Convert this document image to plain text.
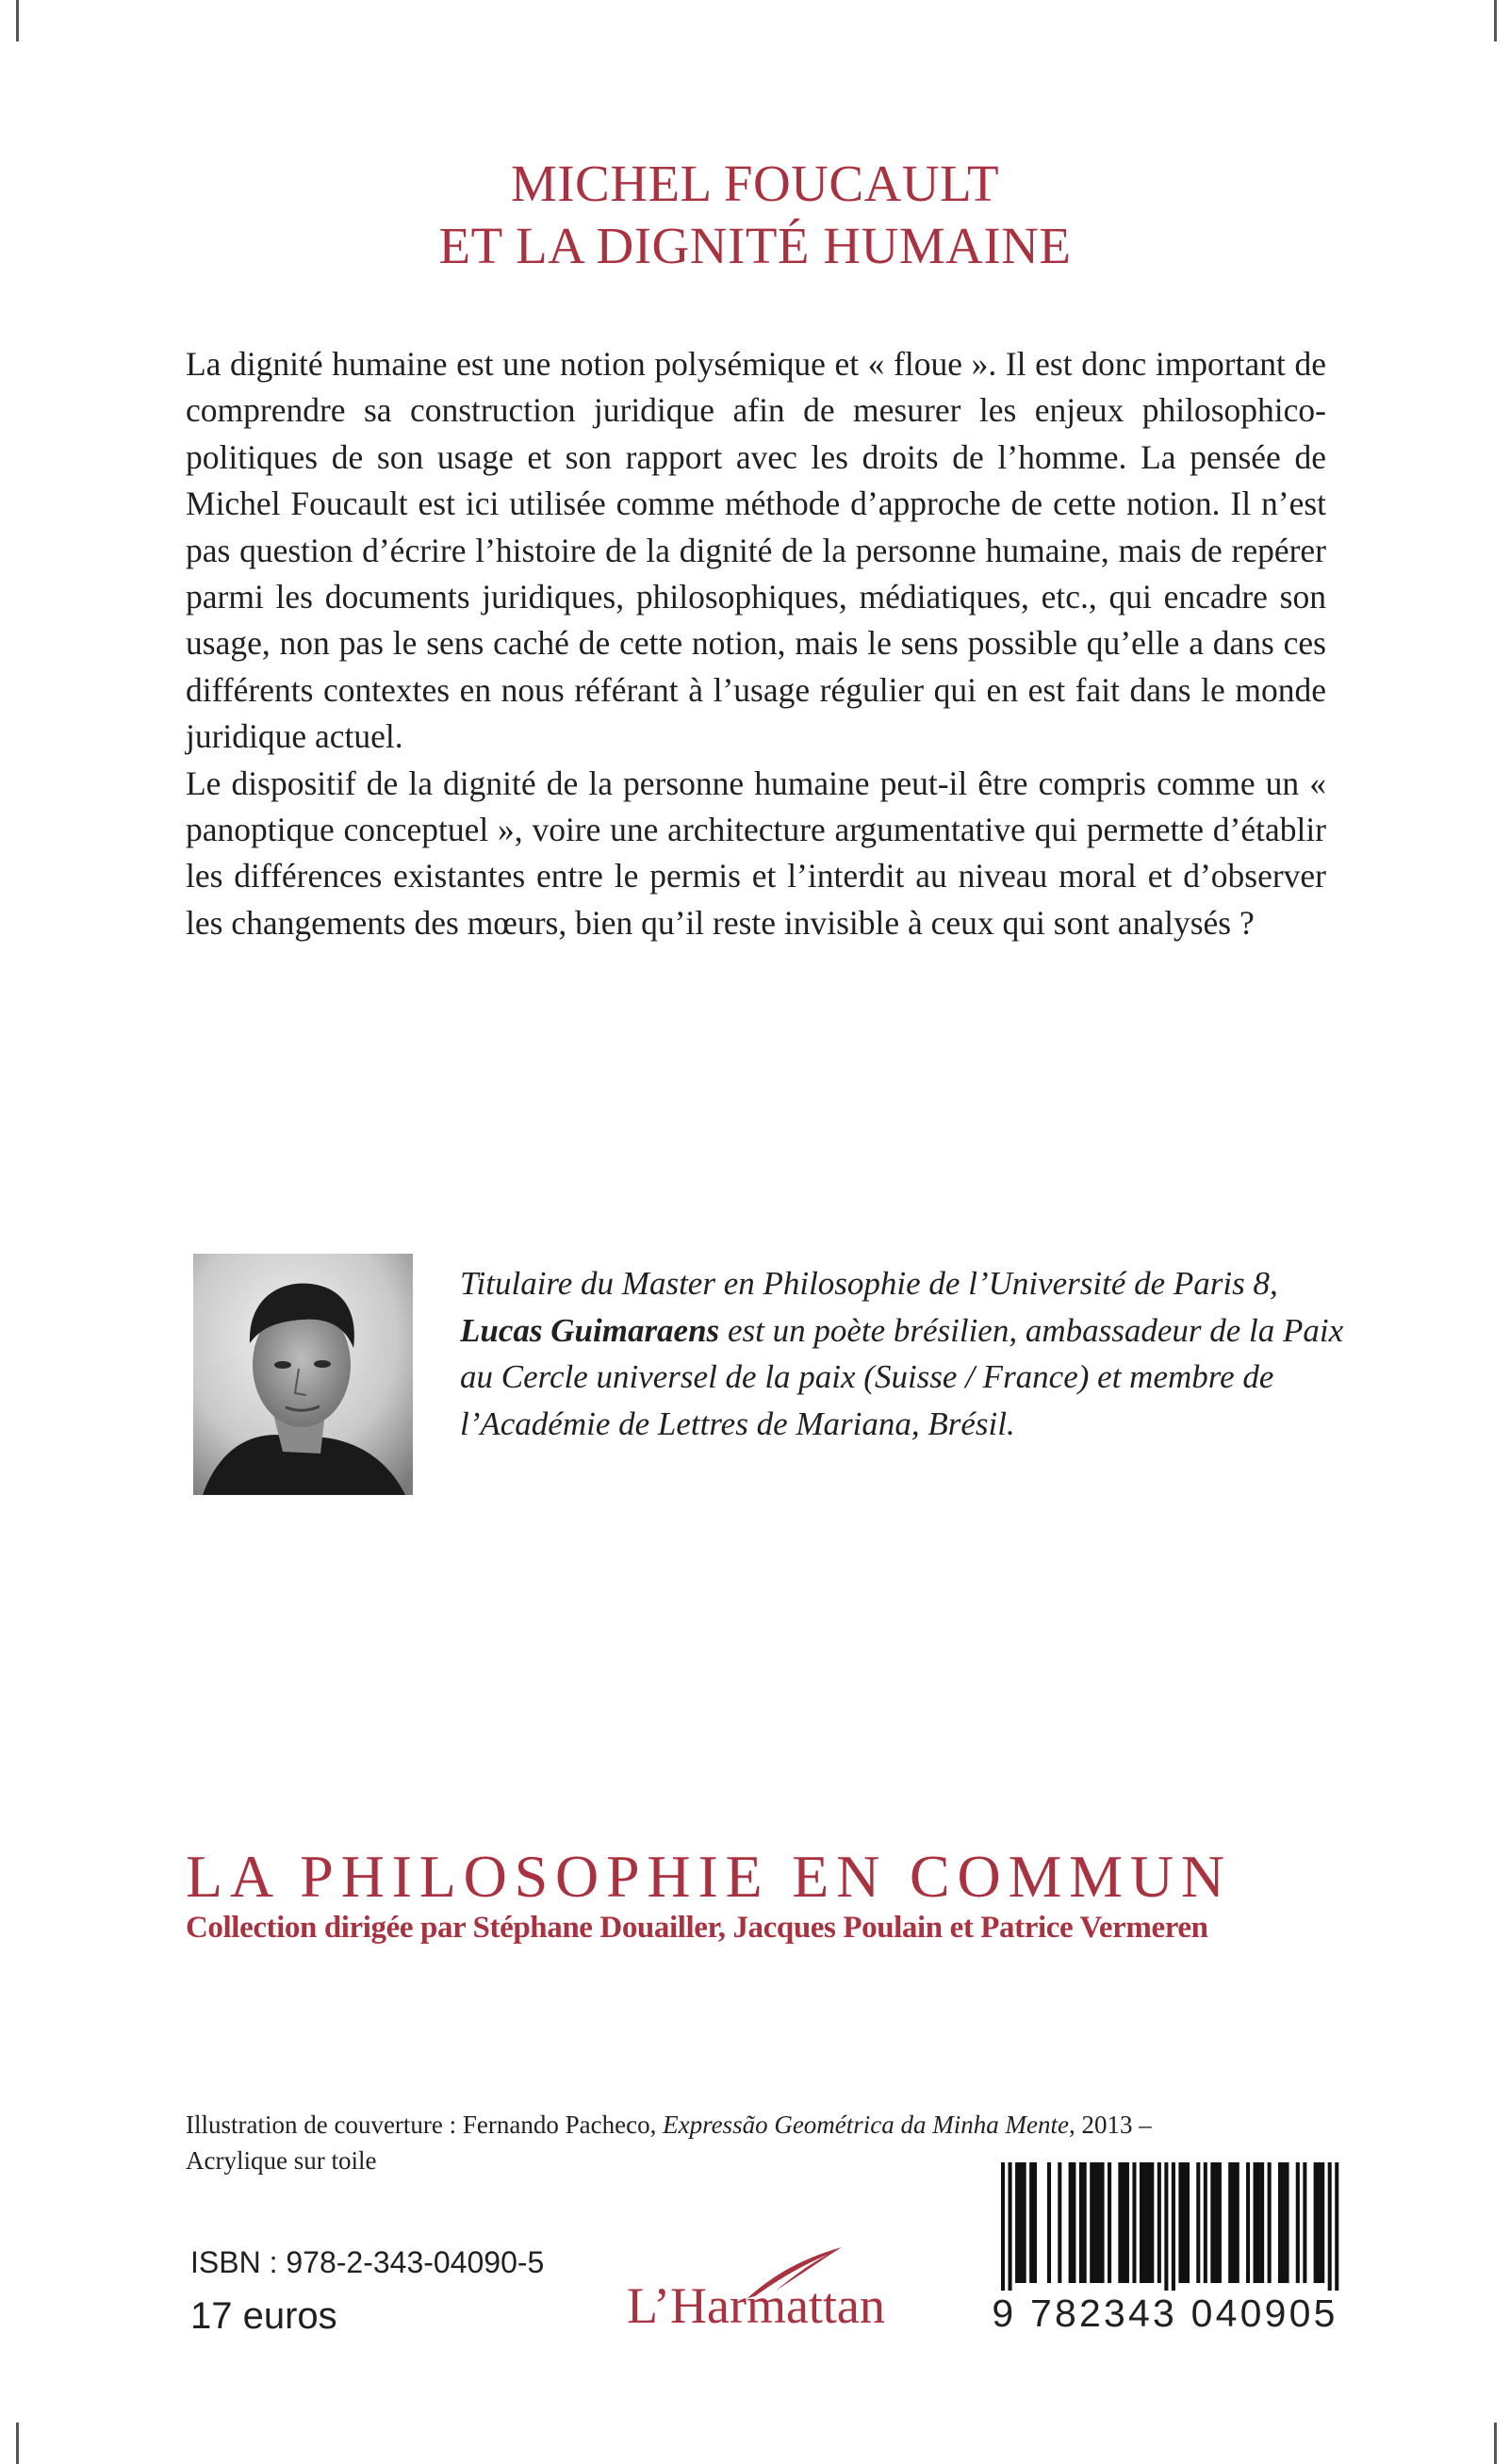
MICHEL FOUCAULT
ET LA DIGNITÉ HUMAINE

La dignité humaine est une notion polysémique et « floue ». Il est donc important de comprendre sa construction juridique afin de mesurer les enjeux philosophico-politiques de son usage et son rapport avec les droits de l’homme. La pensée de Michel Foucault est ici utilisée comme méthode d’approche de cette notion. Il n’est pas question d’écrire l’histoire de la dignité de la personne humaine, mais de repérer parmi les documents juridiques, philosophiques, médiatiques, etc., qui encadre son usage, non pas le sens caché de cette notion, mais le sens possible qu’elle a dans ces différents contextes en nous référant à l’usage régulier qui en est fait dans le monde juridique actuel.

Le dispositif de la dignité de la personne humaine peut-il être compris comme un « panoptique conceptuel », voire une architecture argumentative qui permette d’établir les différences existantes entre le permis et l’interdit au niveau moral et d’observer les changements des mœurs, bien qu’il reste invisible à ceux qui sont analysés ?

Titulaire du Master en Philosophie de l’Université de Paris 8,
Lucas Guimaraens est un poète brésilien, ambassadeur de la Paix au Cercle universel de la paix (Suisse / France) et membre de l’Académie de Lettres de Mariana, Brésil.

LA PHILOSOPHIE EN COMMUN
Collection dirigée par Stéphane Douailler, Jacques Poulain et Patrice Vermeren
Illustration de couverture : Fernando Pacheco, Expressão Geométrica da Minha Mente, 2013 –
Acrylique sur toile
ISBN : 978-2-343-04090-5
17 euros	L’Harmattan	9 782343 040905
